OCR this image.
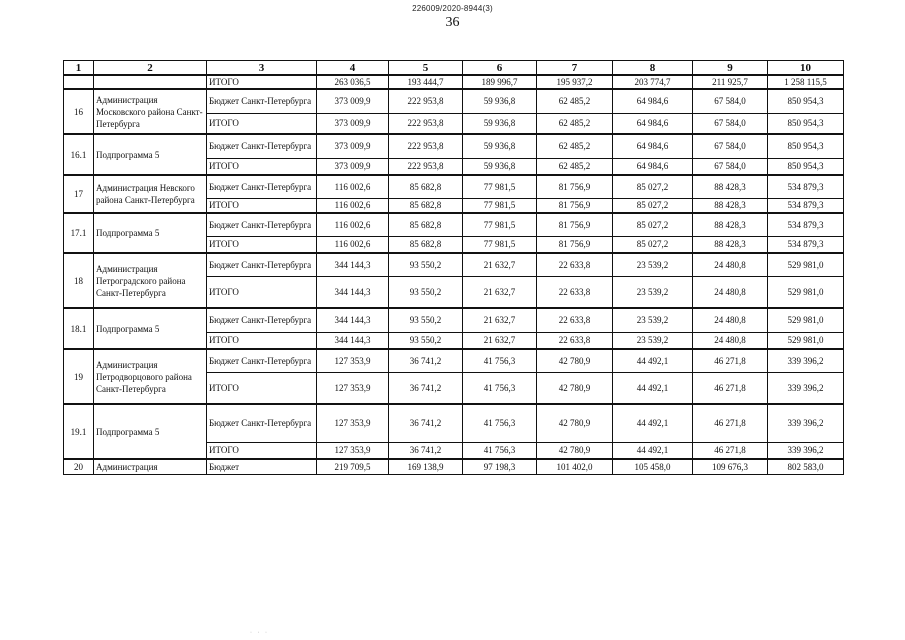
226009/2020-8944(3)
36
1	2	3	4	5	6	7	8	9	10
		ИТОГО	263 036,5	193 444,7	189 996,7	195 937,2	203 774,7	211 925,7	1 258 115,5
16	Администрация Московского района Санкт-Петербурга	Бюджет Санкт-Петербурга	373 009,9	222 953,8	59 936,8	62 485,2	64 984,6	67 584,0	850 954,3
		ИТОГО	373 009,9	222 953,8	59 936,8	62 485,2	64 984,6	67 584,0	850 954,3
16.1	Подпрограмма 5	Бюджет Санкт-Петербурга	373 009,9	222 953,8	59 936,8	62 485,2	64 984,6	67 584,0	850 954,3
		ИТОГО	373 009,9	222 953,8	59 936,8	62 485,2	64 984,6	67 584,0	850 954,3
17	Администрация Невского района Санкт-Петербурга	Бюджет Санкт-Петербурга	116 002,6	85 682,8	77 981,5	81 756,9	85 027,2	88 428,3	534 879,3
		ИТОГО	116 002,6	85 682,8	77 981,5	81 756,9	85 027,2	88 428,3	534 879,3
17.1	Подпрограмма 5	Бюджет Санкт-Петербурга	116 002,6	85 682,8	77 981,5	81 756,9	85 027,2	88 428,3	534 879,3
		ИТОГО	116 002,6	85 682,8	77 981,5	81 756,9	85 027,2	88 428,3	534 879,3
18	Администрация Петроградского района Санкт-Петербурга	Бюджет Санкт-Петербурга	344 144,3	93 550,2	21 632,7	22 633,8	23 539,2	24 480,8	529 981,0
		ИТОГО	344 144,3	93 550,2	21 632,7	22 633,8	23 539,2	24 480,8	529 981,0
18.1	Подпрограмма 5	Бюджет Санкт-Петербурга	344 144,3	93 550,2	21 632,7	22 633,8	23 539,2	24 480,8	529 981,0
		ИТОГО	344 144,3	93 550,2	21 632,7	22 633,8	23 539,2	24 480,8	529 981,0
19	Администрация Петродворцового района Санкт-Петербурга	Бюджет Санкт-Петербурга	127 353,9	36 741,2	41 756,3	42 780,9	44 492,1	46 271,8	339 396,2
		ИТОГО	127 353,9	36 741,2	41 756,3	42 780,9	44 492,1	46 271,8	339 396,2
19.1	Подпрограмма 5	Бюджет Санкт-Петербурга	127 353,9	36 741,2	41 756,3	42 780,9	44 492,1	46 271,8	339 396,2
		ИТОГО	127 353,9	36 741,2	41 756,3	42 780,9	44 492,1	46 271,8	339 396,2
20	Администрация	Бюджет	219 709,5	169 138,9	97 198,3	101 402,0	105 458,0	109 676,3	802 583,0
· · ·
